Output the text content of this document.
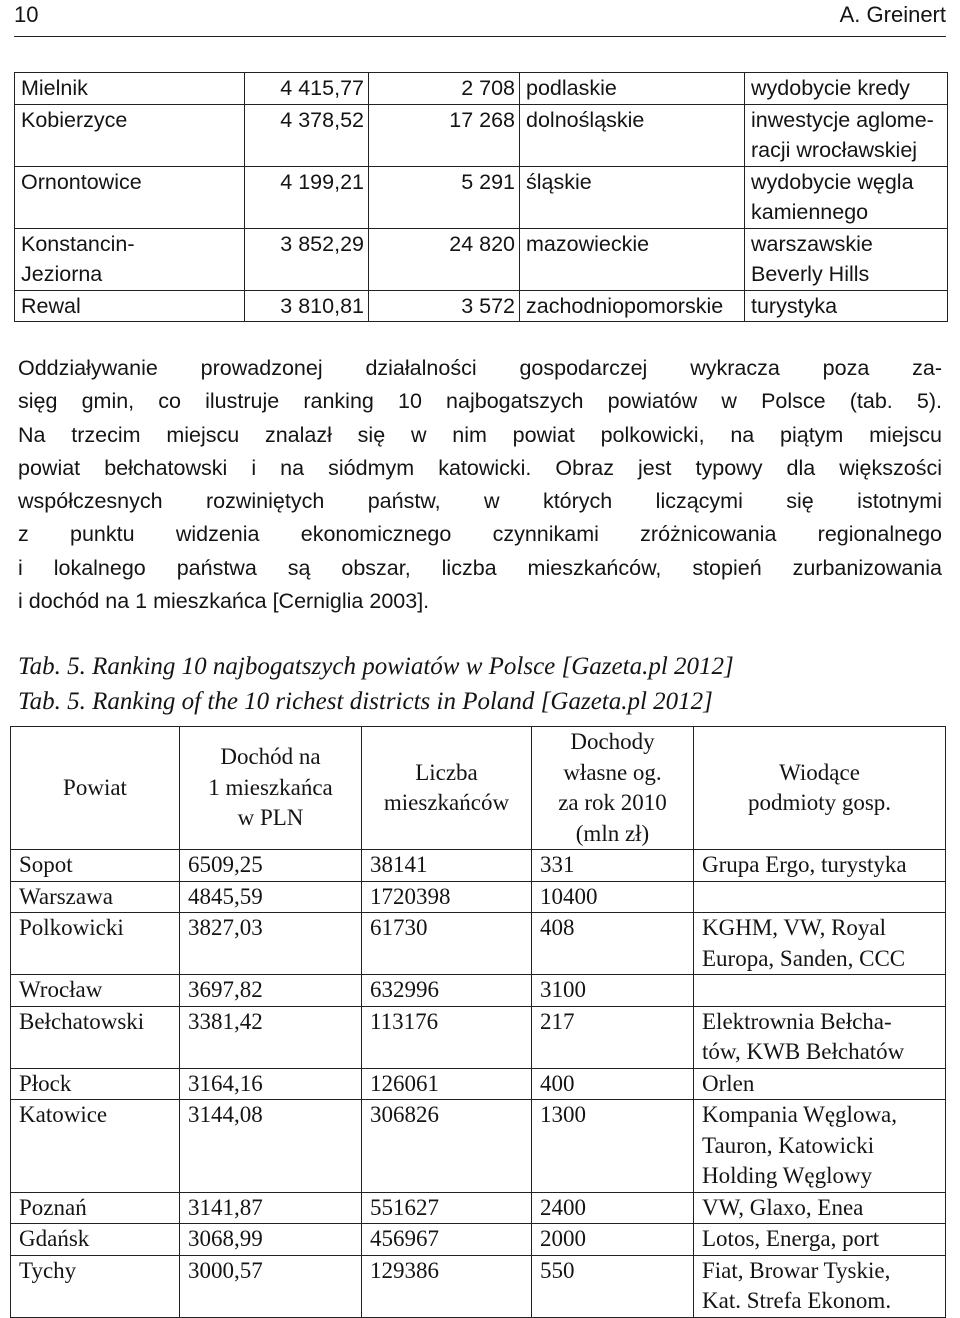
10	A. Greinert
Mielnik	4 415,77	2 708	podlaskie	wydobycie kredy
Kobierzyce	4 378,52	17 268	dolnośląskie	inwestycje aglome-
racji wrocławskiej
Ornontowice	4 199,21	5 291	śląskie	wydobycie węgla
kamiennego
Konstancin-
Jeziorna	3 852,29	24 820	mazowieckie	warszawskie
Beverly Hills
Rewal	3 810,81	3 572	zachodniopomorskie	turystyka

Oddziaływanie prowadzonej działalności gospodarczej wykracza poza za-
sięg gmin, co ilustruje ranking 10 najbogatszych powiatów w Polsce (tab. 5).
Na trzecim miejscu znalazł się w nim powiat polkowicki, na piątym miejscu
powiat bełchatowski i na siódmym katowicki. Obraz jest typowy dla większości
współczesnych rozwiniętych państw, w których liczącymi się istotnymi
z punktu widzenia ekonomicznego czynnikami zróżnicowania regionalnego
i lokalnego państwa są obszar, liczba mieszkańców, stopień zurbanizowania
i dochód na 1 mieszkańca [Cerniglia 2003].

Tab. 5. Ranking 10 najbogatszych powiatów w Polsce [Gazeta.pl 2012]

Tab. 5. Ranking of the 10 richest districts in Poland [Gazeta.pl 2012]

Powiat	Dochód na
1 mieszkańca
w PLN	Liczba
mieszkańców	Dochody
własne og.
za rok 2010
(mln zł)	Wiodące
podmioty gosp.
Sopot	6509,25	38141	331	Grupa Ergo, turystyka
Warszawa	4845,59	1720398	10400	
Polkowicki	3827,03	61730	408	KGHM, VW, Royal
Europa, Sanden, CCC
Wrocław	3697,82	632996	3100	
Bełchatowski	3381,42	113176	217	Elektrownia Bełcha-
tów, KWB Bełchatów
Płock	3164,16	126061	400	Orlen
Katowice	3144,08	306826	1300	Kompania Węglowa,
Tauron, Katowicki
Holding Węglowy
Poznań	3141,87	551627	2400	VW, Glaxo, Enea
Gdańsk	3068,99	456967	2000	Lotos, Energa, port
Tychy	3000,57	129386	550	Fiat, Browar Tyskie,
Kat. Strefa Ekonom.
